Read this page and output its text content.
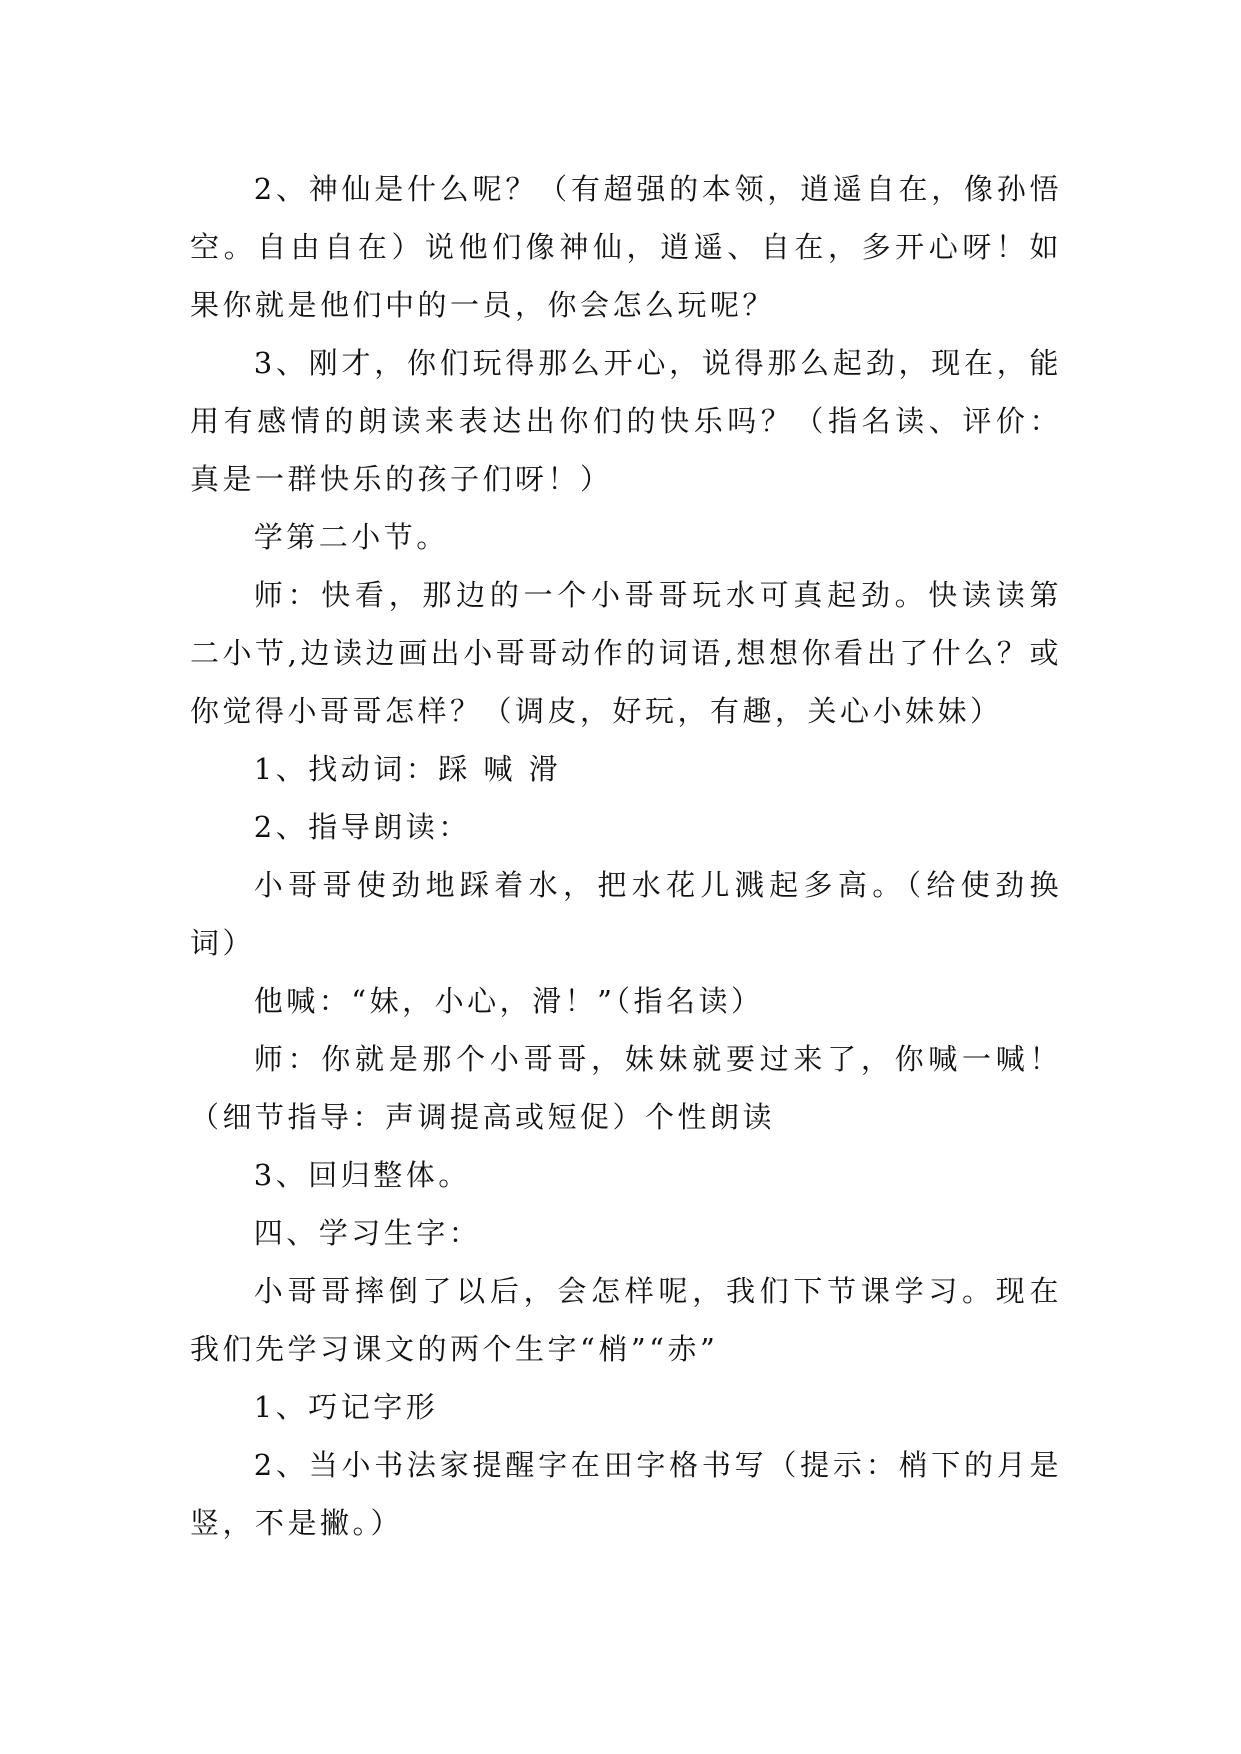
2、神仙是什么呢？（有超强的本领，逍遥自在，像孙悟空。自由自在）说他们像神仙，逍遥、自在，多开心呀！如果你就是他们中的一员，你会怎么玩呢？

3、刚才，你们玩得那么开心，说得那么起劲，现在，能用有感情的朗读来表达出你们的快乐吗？（指名读、评价：真是一群快乐的孩子们呀！）

学第二小节。

师：快看，那边的一个小哥哥玩水可真起劲。快读读第二小节,边读边画出小哥哥动作的词语,想想你看出了什么？或你觉得小哥哥怎样？（调皮，好玩，有趣，关心小妹妹）

1、找动词：踩 喊 滑

2、指导朗读：

小哥哥使劲地踩着水，把水花儿溅起多高。（给使劲换词）

他喊：“妹，小心，滑！”（指名读）

师：你就是那个小哥哥，妹妹就要过来了，你喊一喊！（细节指导：声调提高或短促）个性朗读

3、回归整体。

四、学习生字：

小哥哥摔倒了以后，会怎样呢，我们下节课学习。现在我们先学习课文的两个生字“梢”“赤”

1、巧记字形

2、当小书法家提醒字在田字格书写（提示：梢下的月是竖，不是撇。）
